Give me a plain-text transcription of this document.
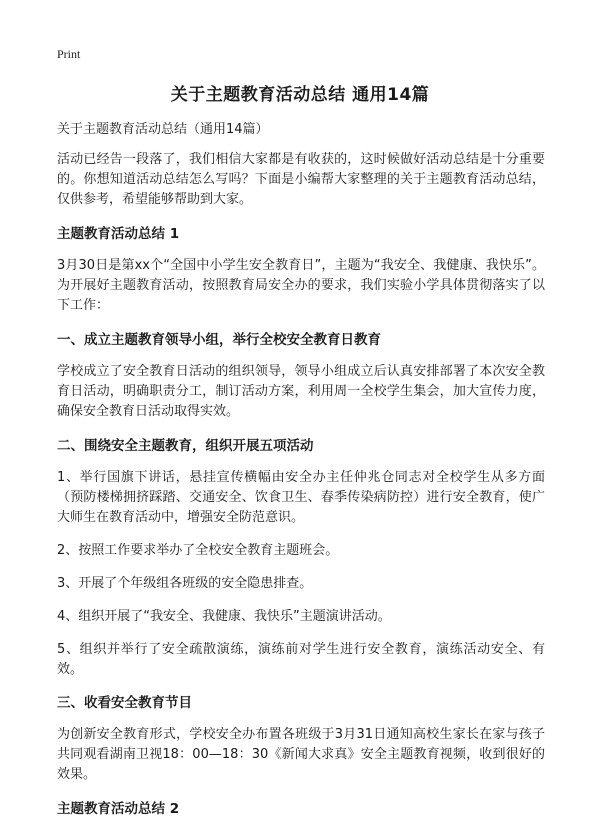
Print
关于主题教育活动总结 通用14篇

关于主题教育活动总结（通用14篇）

活动已经告一段落了，我们相信大家都是有收获的，这时候做好活动总结是十分重要的。你想知道活动总结怎么写吗？下面是小编帮大家整理的关于主题教育活动总结，仅供参考，希望能够帮助到大家。

主题教育活动总结 1

3月30日是第xx个“全国中小学生安全教育日”，主题为“我安全、我健康、我快乐”。为开展好主题教育活动，按照教育局安全办的要求，我们实验小学具体贯彻落实了以下工作：

一、成立主题教育领导小组，举行全校安全教育日教育

学校成立了安全教育日活动的组织领导，领导小组成立后认真安排部署了本次安全教育日活动，明确职责分工，制订活动方案，利用周一全校学生集会，加大宣传力度，确保安全教育日活动取得实效。

二、围绕安全主题教育，组织开展五项活动

1、举行国旗下讲话，悬挂宣传横幅由安全办主任仲兆仓同志对全校学生从多方面（预防楼梯拥挤踩踏、交通安全、饮食卫生、春季传染病防控）进行安全教育，使广大师生在教育活动中，增强安全防范意识。

2、按照工作要求举办了全校安全教育主题班会。

3、开展了个年级组各班级的安全隐患排查。

4、组织开展了“我安全、我健康、我快乐”主题演讲活动。

5、组织并举行了安全疏散演练，演练前对学生进行安全教育，演练活动安全、有效。

三、收看安全教育节目

为创新安全教育形式，学校安全办布置各班级于3月31日通知高校生家长在家与孩子共同观看湖南卫视18：00—18：30《新闻大求真》安全主题教育视频，收到很好的效果。

主题教育活动总结 2
